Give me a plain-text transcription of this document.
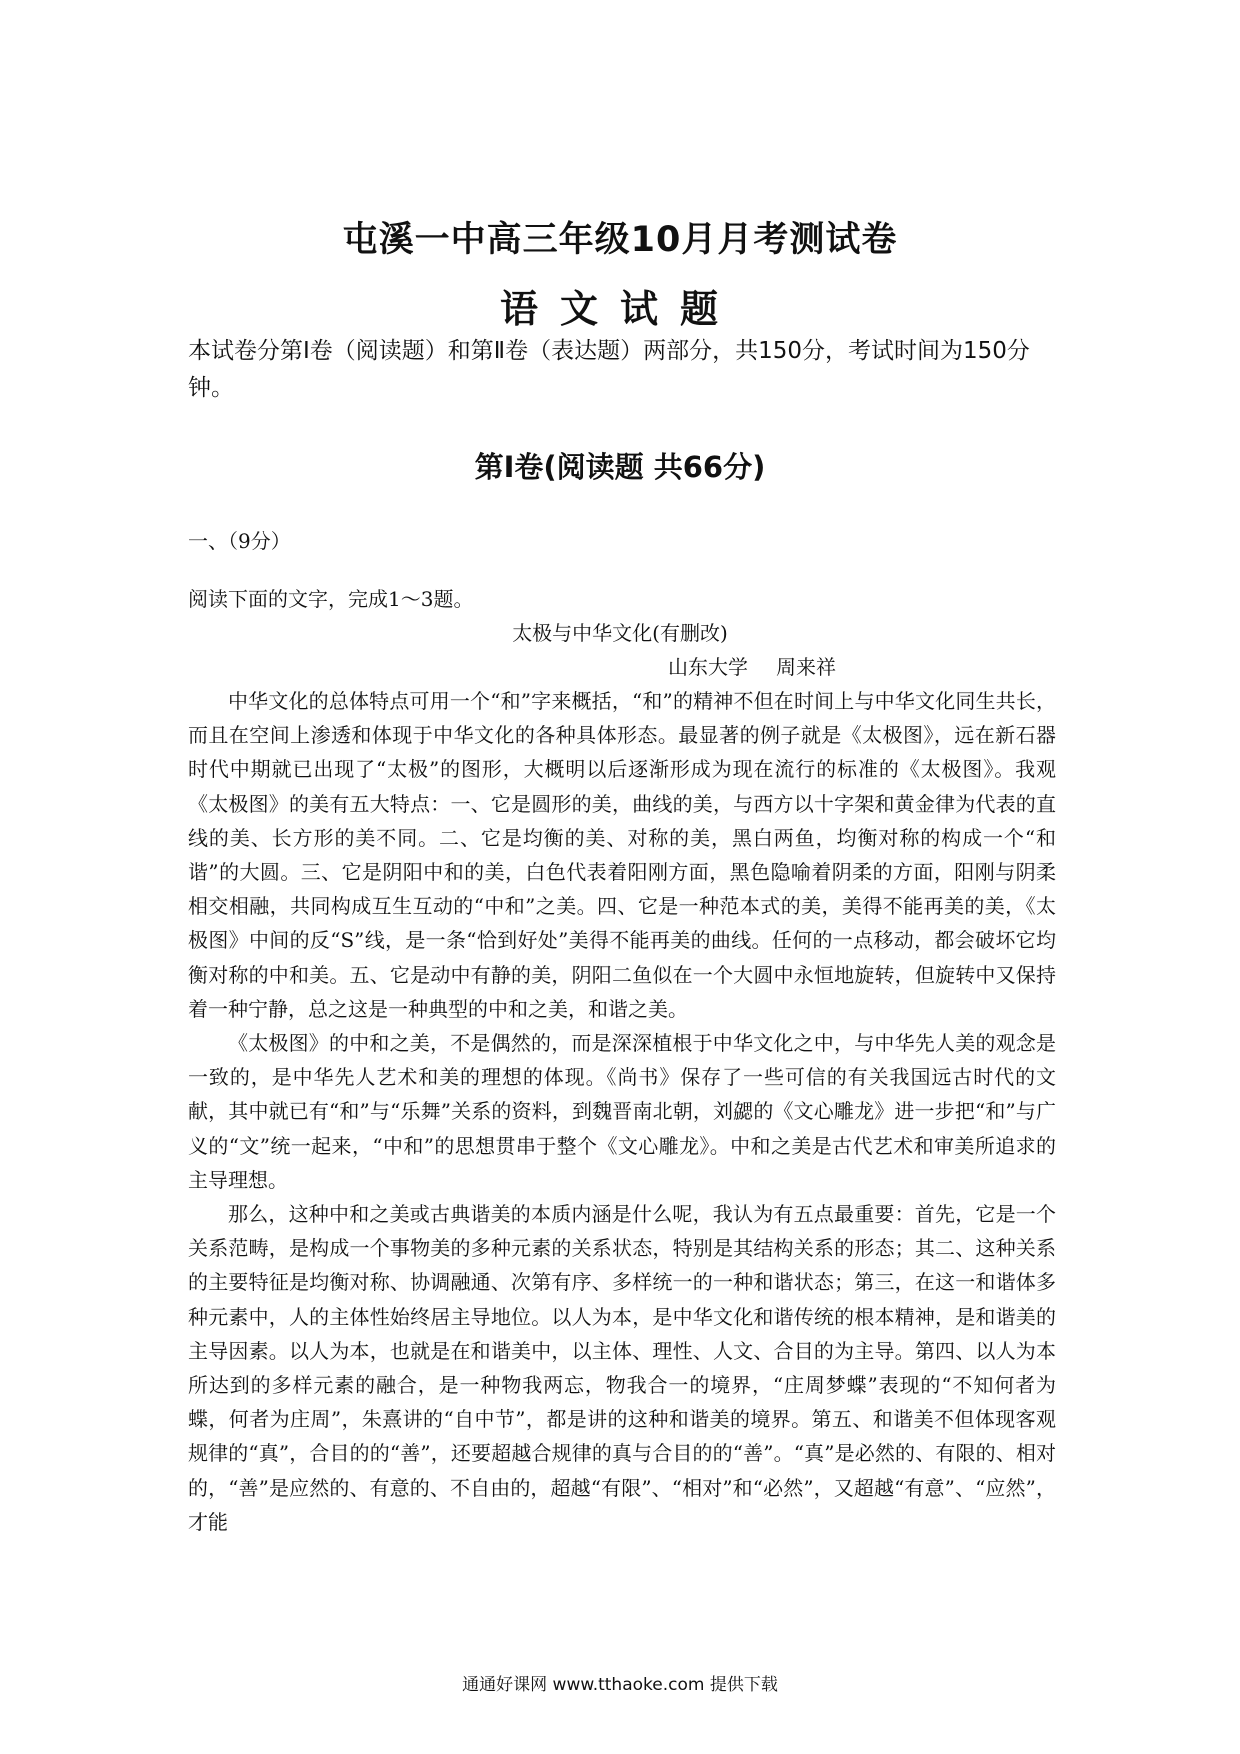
屯溪一中高三年级10月月考测试卷
语文试题
本试卷分第Ⅰ卷（阅读题）和第Ⅱ卷（表达题）两部分，共150分，考试时间为150分钟。
第Ⅰ卷(阅读题 共66分)
一、（9分）
阅读下面的文字，完成1～3题。
太极与中华文化(有删改)
山东大学 周来祥

中华文化的总体特点可用一个“和”字来概括，“和”的精神不但在时间上与中华文化同生共长，而且在空间上渗透和体现于中华文化的各种具体形态。最显著的例子就是《太极图》，远在新石器时代中期就已出现了“太极”的图形，大概明以后逐渐形成为现在流行的标准的《太极图》。我观《太极图》的美有五大特点：一、它是圆形的美，曲线的美，与西方以十字架和黄金律为代表的直线的美、长方形的美不同。二、它是均衡的美、对称的美，黑白两鱼，均衡对称的构成一个“和谐”的大圆。三、它是阴阳中和的美，白色代表着阳刚方面，黑色隐喻着阴柔的方面，阳刚与阴柔相交相融，共同构成互生互动的“中和”之美。四、它是一种范本式的美，美得不能再美的美，《太极图》中间的反“S”线，是一条“恰到好处”美得不能再美的曲线。任何的一点移动，都会破坏它均衡对称的中和美。五、它是动中有静的美，阴阳二鱼似在一个大圆中永恒地旋转，但旋转中又保持着一种宁静，总之这是一种典型的中和之美，和谐之美。

《太极图》的中和之美，不是偶然的，而是深深植根于中华文化之中，与中华先人美的观念是一致的，是中华先人艺术和美的理想的体现。《尚书》保存了一些可信的有关我国远古时代的文献，其中就已有“和”与“乐舞”关系的资料，到魏晋南北朝，刘勰的《文心雕龙》进一步把“和”与广义的“文”统一起来，“中和”的思想贯串于整个《文心雕龙》。中和之美是古代艺术和审美所追求的主导理想。

那么，这种中和之美或古典谐美的本质内涵是什么呢，我认为有五点最重要：首先，它是一个关系范畴，是构成一个事物美的多种元素的关系状态，特别是其结构关系的形态；其二、这种关系的主要特征是均衡对称、协调融通、次第有序、多样统一的一种和谐状态；第三，在这一和谐体多种元素中，人的主体性始终居主导地位。以人为本，是中华文化和谐传统的根本精神，是和谐美的主导因素。以人为本，也就是在和谐美中，以主体、理性、人文、合目的为主导。第四、以人为本所达到的多样元素的融合，是一种物我两忘，物我合一的境界，“庄周梦蝶”表现的“不知何者为蝶，何者为庄周”，朱熹讲的“自中节”，都是讲的这种和谐美的境界。第五、和谐美不但体现客观规律的“真”，合目的的“善”，还要超越合规律的真与合目的的“善”。“真”是必然的、有限的、相对的，“善”是应然的、有意的、不自由的，超越“有限”、“相对”和“必然”，又超越“有意”、“应然”，才能

通通好课网 www.tthaoke.com 提供下载
